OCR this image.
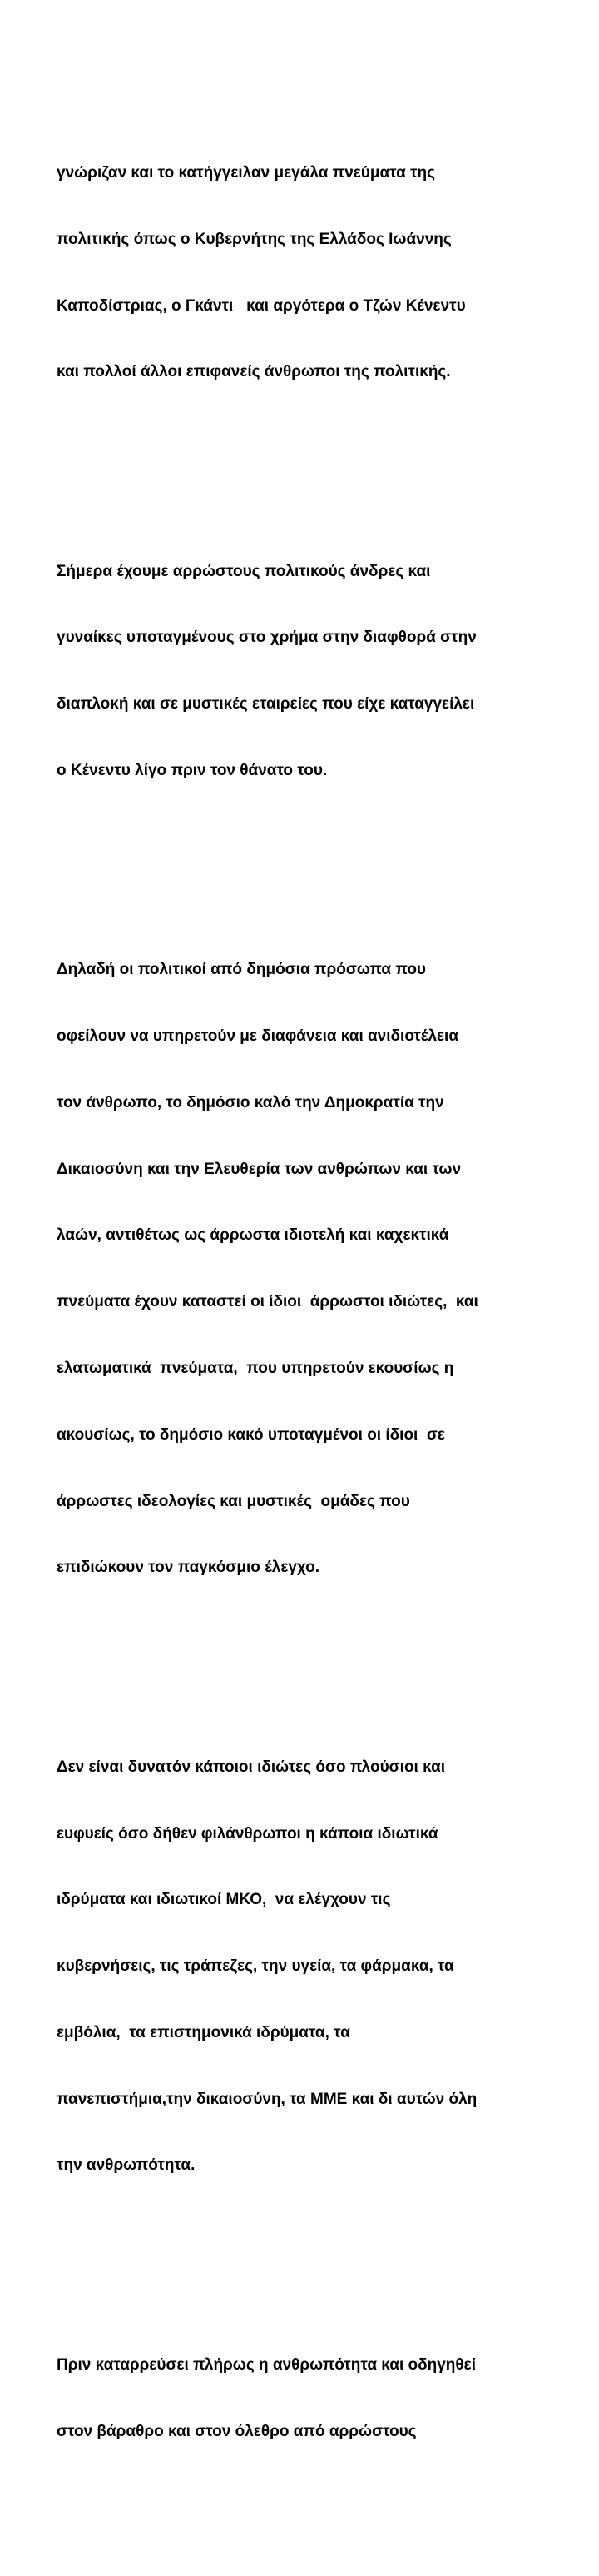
γνώριζαν και το κατήγγειλαν μεγάλα πνεύματα της

πολιτικής όπως ο Κυβερνήτης της Ελλάδος Ιωάννης

Καποδίστριας, ο Γκάντι   και αργότερα ο Τζών Κένεντυ

και πολλοί άλλοι επιφανείς άνθρωποι της πολιτικής.

Σήμερα έχουμε αρρώστους πολιτικούς άνδρες και

γυναίκες υποταγμένους στο χρήμα στην διαφθορά στην

διαπλοκή και σε μυστικές εταιρείες που είχε καταγγείλει

ο Κένεντυ λίγο πριν τον θάνατο του.

Δηλαδή οι πολιτικοί από δημόσια πρόσωπα που

οφείλουν να υπηρετούν με διαφάνεια και ανιδιοτέλεια

τον άνθρωπο, το δημόσιο καλό την Δημοκρατία την

Δικαιοσύνη και την Ελευθερία των ανθρώπων και των

λαών, αντιθέτως ως άρρωστα ιδιοτελή και καχεκτικά

πνεύματα έχουν καταστεί οι ίδιοι  άρρωστοι ιδιώτες,  και

ελατωματικά  πνεύματα,  που υπηρετούν εκουσίως η

ακουσίως, το δημόσιο κακό υποταγμένοι οι ίδιοι  σε

άρρωστες ιδεολογίες και μυστικές  ομάδες που

επιδιώκουν τον παγκόσμιο έλεγχο.

Δεν είναι δυνατόν κάποιοι ιδιώτες όσο πλούσιοι και

ευφυείς όσο δήθεν φιλάνθρωποι η κάποια ιδιωτικά

ιδρύματα και ιδιωτικοί ΜΚΟ,  να ελέγχουν τις

κυβερνήσεις, τις τράπεζες, την υγεία, τα φάρμακα, τα

εμβόλια,  τα επιστημονικά ιδρύματα, τα

πανεπιστήμια,την δικαιοσύνη, τα ΜΜΕ και δι αυτών όλη

την ανθρωπότητα.

Πριν καταρρεύσει πλήρως η ανθρωπότητα και οδηγηθεί

στον βάραθρο και στον όλεθρο από αρρώστους
